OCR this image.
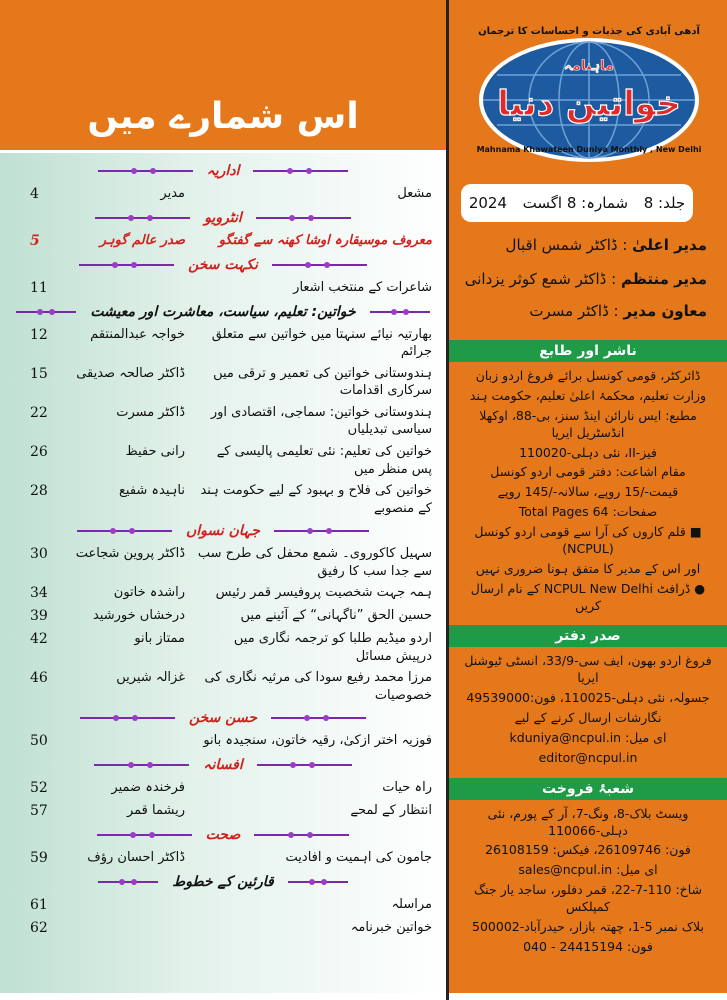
اس شمارے میں
اداریہ
مشعل
مدیر
4
انٹرویو
معروف موسیقارہ اوشا کھنہ سے گفتگو
صدر عالم گوہر
5
نکہت سخن
شاعرات کے منتخب اشعار
11
خواتین: تعلیم، سیاست، معاشرت اور معیشت
بھارتیہ نیائے سنہتا میں خواتین سے متعلق جرائم
خواجہ عبدالمنتقم
12
ہندوستانی خواتین کی تعمیر و ترقی میں سرکاری اقدامات
ڈاکٹر صالحہ صدیقی
15
ہندوستانی خواتین: سماجی، اقتصادی اور سیاسی تبدیلیاں
ڈاکٹر مسرت
22
خواتین کی تعلیم: نئی تعلیمی پالیسی کے پس منظر میں
رانی حفیظ
26
خواتین کی فلاح و بہبود کے لیے حکومت ہند کے منصوبے
ناہیدہ شفیع
28
جہان نسواں
سہیل کاکوروی۔ شمع محفل کی طرح سب سے جدا سب کا رفیق
ڈاکٹر پروین شجاعت
30
ہمہ جہت شخصیت پروفیسر قمر رئیس
راشدہ خاتون
34
حسین الحق ”ناگہانی“ کے آئینے میں
درخشاں خورشید
39
اردو میڈیم طلبا کو ترجمہ نگاری میں درپیش مسائل
ممتاز بانو
42
مرزا محمد رفیع سودا کی مرثیہ نگاری کی خصوصیات
غزالہ شیریں
46
حسن سخن
فوزیہ اختر ازکیٰ، رقیہ خاتون، سنجیدہ بانو
50
افسانہ
راہ حیات
فرخندہ ضمیر
52
انتظار کے لمحے
ریشما قمر
57
صحت
جامون کی اہمیت و افادیت
ڈاکٹر احسان رؤف
59
قارئین کے خطوط
مراسلہ
61
خواتین خبرنامہ
62
آدھی آبادی کی جذبات و احساسات کا ترجمان
ماہنامہ
خواتین دنیا
Mahnama Khawateen Duniya Monthly , New Delhi
جلد: 8
شمارہ: 8 اگست
2024
مدیر اعلیٰ : ڈاکٹر شمس اقبال
مدیر منتظم : ڈاکٹر شمع کوثر یزدانی
معاون مدیر : ڈاکٹر مسرت
ناشر اور طابع
ڈائرکٹر، قومی کونسل برائے فروغ اردو زبان
وزارت تعلیم، محکمۂ اعلیٰ تعلیم، حکومت ہند
مطبع: ایس نارائن اینڈ سنز، بی-88، اوکھلا انڈسٹریل ایریا
فیز-II، نئی دہلی-110020
مقام اشاعت: دفتر قومی اردو کونسل
قیمت-/15 روپے، سالانہ-/145 روپے
صفحات: Total Pages 64
■ قلم کاروں کی آرا سے قومی اردو کونسل (NCPUL)
اور اس کے مدیر کا متفق ہونا ضروری نہیں
● ڈرافٹ NCPUL New Delhi کے نام ارسال کریں
صدر دفتر
فروغ اردو بھون، ایف سی-33/9، انسٹی ٹیوشنل ایریا
جسولہ، نئی دہلی-110025، فون:49539000
نگارشات ارسال کرنے کے لیے
ای میل: kduniya@ncpul.in
editor@ncpul.in
شعبۂ فروخت
ویسٹ بلاک-8، ونگ-7، آر کے پورم، نئی دہلی-110066
فون: 26109746، فیکس: 26108159
ای میل: sales@ncpul.in
شاخ: 110-7-22، قمر دفلور، ساجد یار جنگ کمپلکس
بلاک نمبر 5-1، چھتہ بازار، حیدرآباد-500002
فون: 24415194 - 040
